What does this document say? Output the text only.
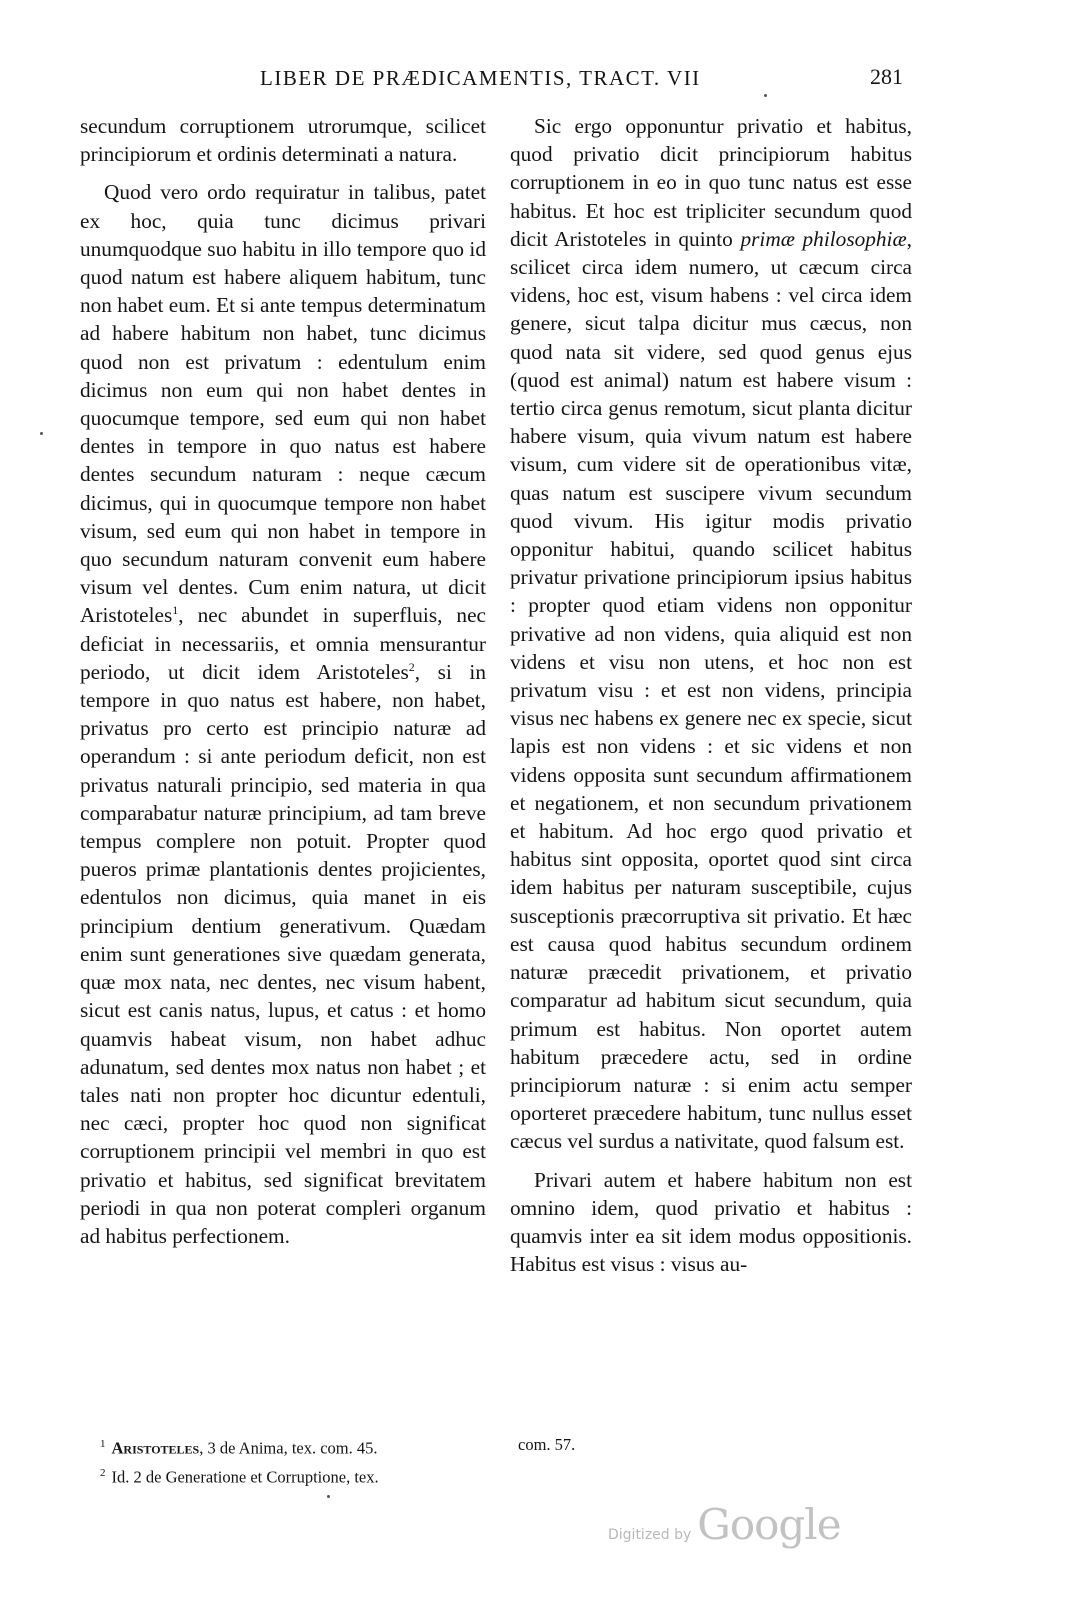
LIBER DE PRÆDICAMENTIS, TRACT. VII	281

secundum corruptionem utrorumque, scilicet principiorum et ordinis determinati a natura.

Quod vero ordo requiratur in talibus, patet ex hoc, quia tunc dicimus privari unumquodque suo habitu in illo tempore quo id quod natum est habere aliquem habitum, tunc non habet eum. Et si ante tempus determinatum ad habere habitum non habet, tunc dicimus quod non est privatum : edentulum enim dicimus non eum qui non habet dentes in quocumque tempore, sed eum qui non habet dentes in tempore in quo natus est habere dentes secundum naturam : neque cæcum dicimus, qui in quocumque tempore non habet visum, sed eum qui non habet in tempore in quo secundum naturam convenit eum habere visum vel dentes. Cum enim natura, ut dicit Aristoteles$^1$, nec abundet in superfluis, nec deficiat in necessariis, et omnia mensurantur periodo, ut dicit idem Aristoteles$^2$, si in tempore in quo natus est habere, non habet, privatus pro certo est principio naturæ ad operandum : si ante periodum deficit, non est privatus naturali principio, sed materia in qua comparabatur naturæ principium, ad tam breve tempus complere non potuit. Propter quod pueros primæ plantationis dentes projicientes, edentulos non dicimus, quia manet in eis principium dentium generativum. Quædam enim sunt generationes sive quædam generata, quæ mox nata, nec dentes, nec visum habent, sicut est canis natus, lupus, et catus : et homo quamvis habeat visum, non habet adhuc adunatum, sed dentes mox natus non habet ; et tales nati non propter hoc dicuntur edentuli, nec cæci, propter hoc quod non significat corruptionem principii vel membri in quo est privatio et habitus, sed significat brevitatem periodi in qua non poterat compleri organum ad habitus perfectionem.

Sic ergo opponuntur privatio et habitus, quod privatio dicit principiorum habitus corruptionem in eo in quo tunc natus est esse habitus. Et hoc est tripliciter secundum quod dicit Aristoteles in quinto primæ philosophiæ, scilicet circa idem numero, ut cæcum circa videns, hoc est, visum habens : vel circa idem genere, sicut talpa dicitur mus cæcus, non quod nata sit videre, sed quod genus ejus (quod est animal) natum est habere visum : tertio circa genus remotum, sicut planta dicitur habere visum, quia vivum natum est habere visum, cum videre sit de operationibus vitæ, quas natum est suscipere vivum secundum quod vivum. His igitur modis privatio opponitur habitui, quando scilicet habitus privatur privatione principiorum ipsius habitus : propter quod etiam videns non opponitur privative ad non videns, quia aliquid est non videns et visu non utens, et hoc non est privatum visu : et est non videns, principia visus nec habens ex genere nec ex specie, sicut lapis est non videns : et sic videns et non videns opposita sunt secundum affirmationem et negationem, et non secundum privationem et habitum. Ad hoc ergo quod privatio et habitus sint opposita, oportet quod sint circa idem habitus per naturam susceptibile, cujus susceptionis præcorruptiva sit privatio. Et hæc est causa quod habitus secundum ordinem naturæ præcedit privationem, et privatio comparatur ad habitum sicut secundum, quia primum est habitus. Non oportet autem habitum præcedere actu, sed in ordine principiorum naturæ : si enim actu semper oporteret præcedere habitum, tunc nullus esset cæcus vel surdus a nativitate, quod falsum est.

Privari autem et habere habitum non est omnino idem, quod privatio et habitus : quamvis inter ea sit idem modus oppositionis. Habitus est visus : visus au-

$^1$ Aristoteles, 3 de Anima, tex. com. 45.
$^2$ Id. 2 de Generatione et Corruptione, tex.
com. 57.
Digitized by Google
